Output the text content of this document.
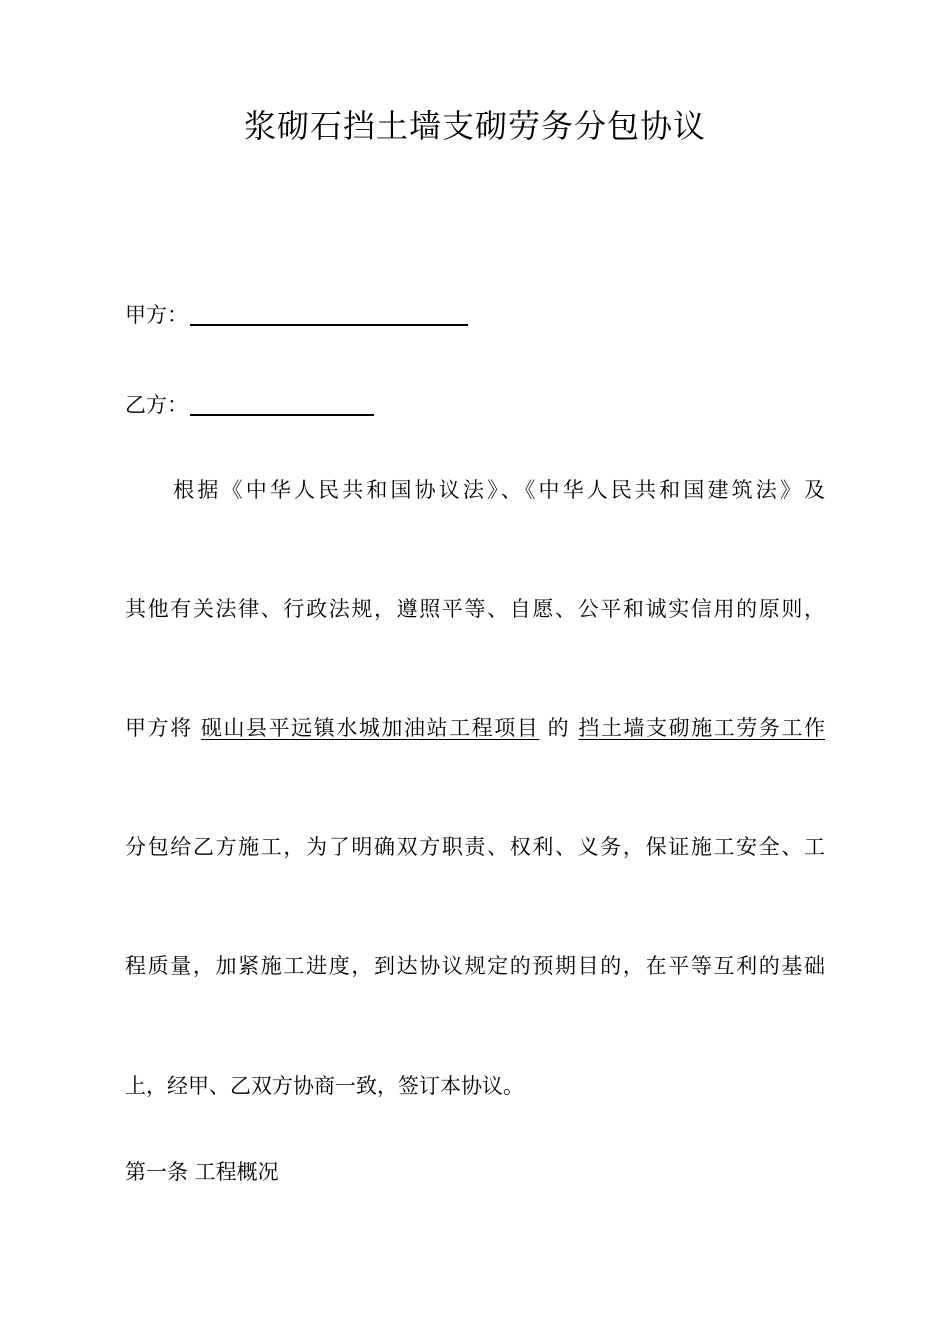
浆砌石挡土墙支砌劳务分包协议
甲方：
乙方：
　　根据《中华人民共和国协议法》、《中华人民共和国建筑法》及
其他有关法律、行政法规，遵照平等、自愿、公平和诚实信用的原则，
甲方将 砚山县平远镇水城加油站工程项目 的 挡土墙支砌施工劳务工作
分包给乙方施工，为了明确双方职责、权利、义务，保证施工安全、工
程质量，加紧施工进度，到达协议规定的预期目的，在平等互利的基础
上，经甲、乙双方协商一致，签订本协议。
第一条 工程概况
